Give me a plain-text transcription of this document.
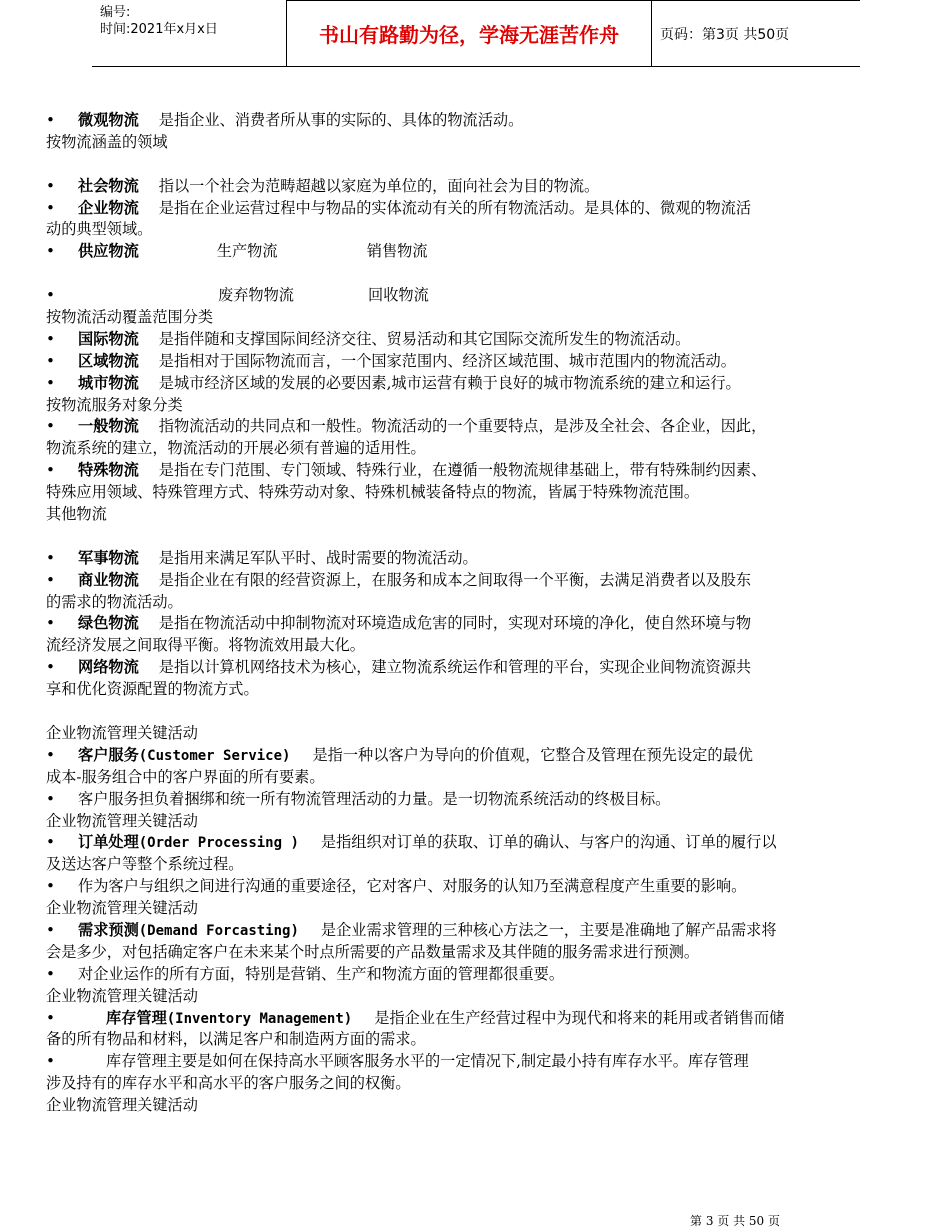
编号:
时间:2021年x月x日	书山有路勤为径，学海无涯苦作舟	页码：第3页 共50页
• 微观物流 是指企业、消费者所从事的实际的、具体的物流活动。
按物流涵盖的领域
• 社会物流 指以一个社会为范畴超越以家庭为单位的，面向社会为目的物流。
• 企业物流 是指在企业运营过程中与物品的实体流动有关的所有物流活动。是具体的、微观的物流活
动的典型领域。
• 供应物流	生产物流	销售物流
•	废弃物物流	回收物流
按物流活动覆盖范围分类
• 国际物流 是指伴随和支撑国际间经济交往、贸易活动和其它国际交流所发生的物流活动。
• 区域物流 是指相对于国际物流而言，一个国家范围内、经济区域范围、城市范围内的物流活动。
• 城市物流 是城市经济区域的发展的必要因素,城市运营有赖于良好的城市物流系统的建立和运行。
按物流服务对象分类
• 一般物流 指物流活动的共同点和一般性。物流活动的一个重要特点，是涉及全社会、各企业，因此，
物流系统的建立，物流活动的开展必须有普遍的适用性。
• 特殊物流 是指在专门范围、专门领域、特殊行业，在遵循一般物流规律基础上，带有特殊制约因素、
特殊应用领域、特殊管理方式、特殊劳动对象、特殊机械装备特点的物流，皆属于特殊物流范围。
其他物流
• 军事物流 是指用来满足军队平时、战时需要的物流活动。
• 商业物流 是指企业在有限的经营资源上，在服务和成本之间取得一个平衡，去满足消费者以及股东
的需求的物流活动。
• 绿色物流 是指在物流活动中抑制物流对环境造成危害的同时，实现对环境的净化，使自然环境与物
流经济发展之间取得平衡。将物流效用最大化。
• 网络物流 是指以计算机网络技术为核心，建立物流系统运作和管理的平台，实现企业间物流资源共
享和优化资源配置的物流方式。
企业物流管理关键活动
• 客户服务(Customer Service) 是指一种以客户为导向的价值观，它整合及管理在预先设定的最优
成本-服务组合中的客户界面的所有要素。
• 客户服务担负着捆绑和统一所有物流管理活动的力量。是一切物流系统活动的终极目标。
企业物流管理关键活动
• 订单处理(Order Processing ) 是指组织对订单的获取、订单的确认、与客户的沟通、订单的履行以
及送达客户等整个系统过程。
• 作为客户与组织之间进行沟通的重要途径，它对客户、对服务的认知乃至满意程度产生重要的影响。
企业物流管理关键活动
• 需求预测(Demand Forcasting) 是企业需求管理的三种核心方法之一，主要是准确地了解产品需求将
会是多少，对包括确定客户在未来某个时点所需要的产品数量需求及其伴随的服务需求进行预测。
• 对企业运作的所有方面，特别是营销、生产和物流方面的管理都很重要。
企业物流管理关键活动
•	库存管理(Inventory Management) 是指企业在生产经营过程中为现代和将来的耗用或者销售而储
备的所有物品和材料，以满足客户和制造两方面的需求。
•	库存管理主要是如何在保持高水平顾客服务水平的一定情况下,制定最小持有库存水平。库存管理
涉及持有的库存水平和高水平的客户服务之间的权衡。
企业物流管理关键活动
第 3 页 共 50 页
